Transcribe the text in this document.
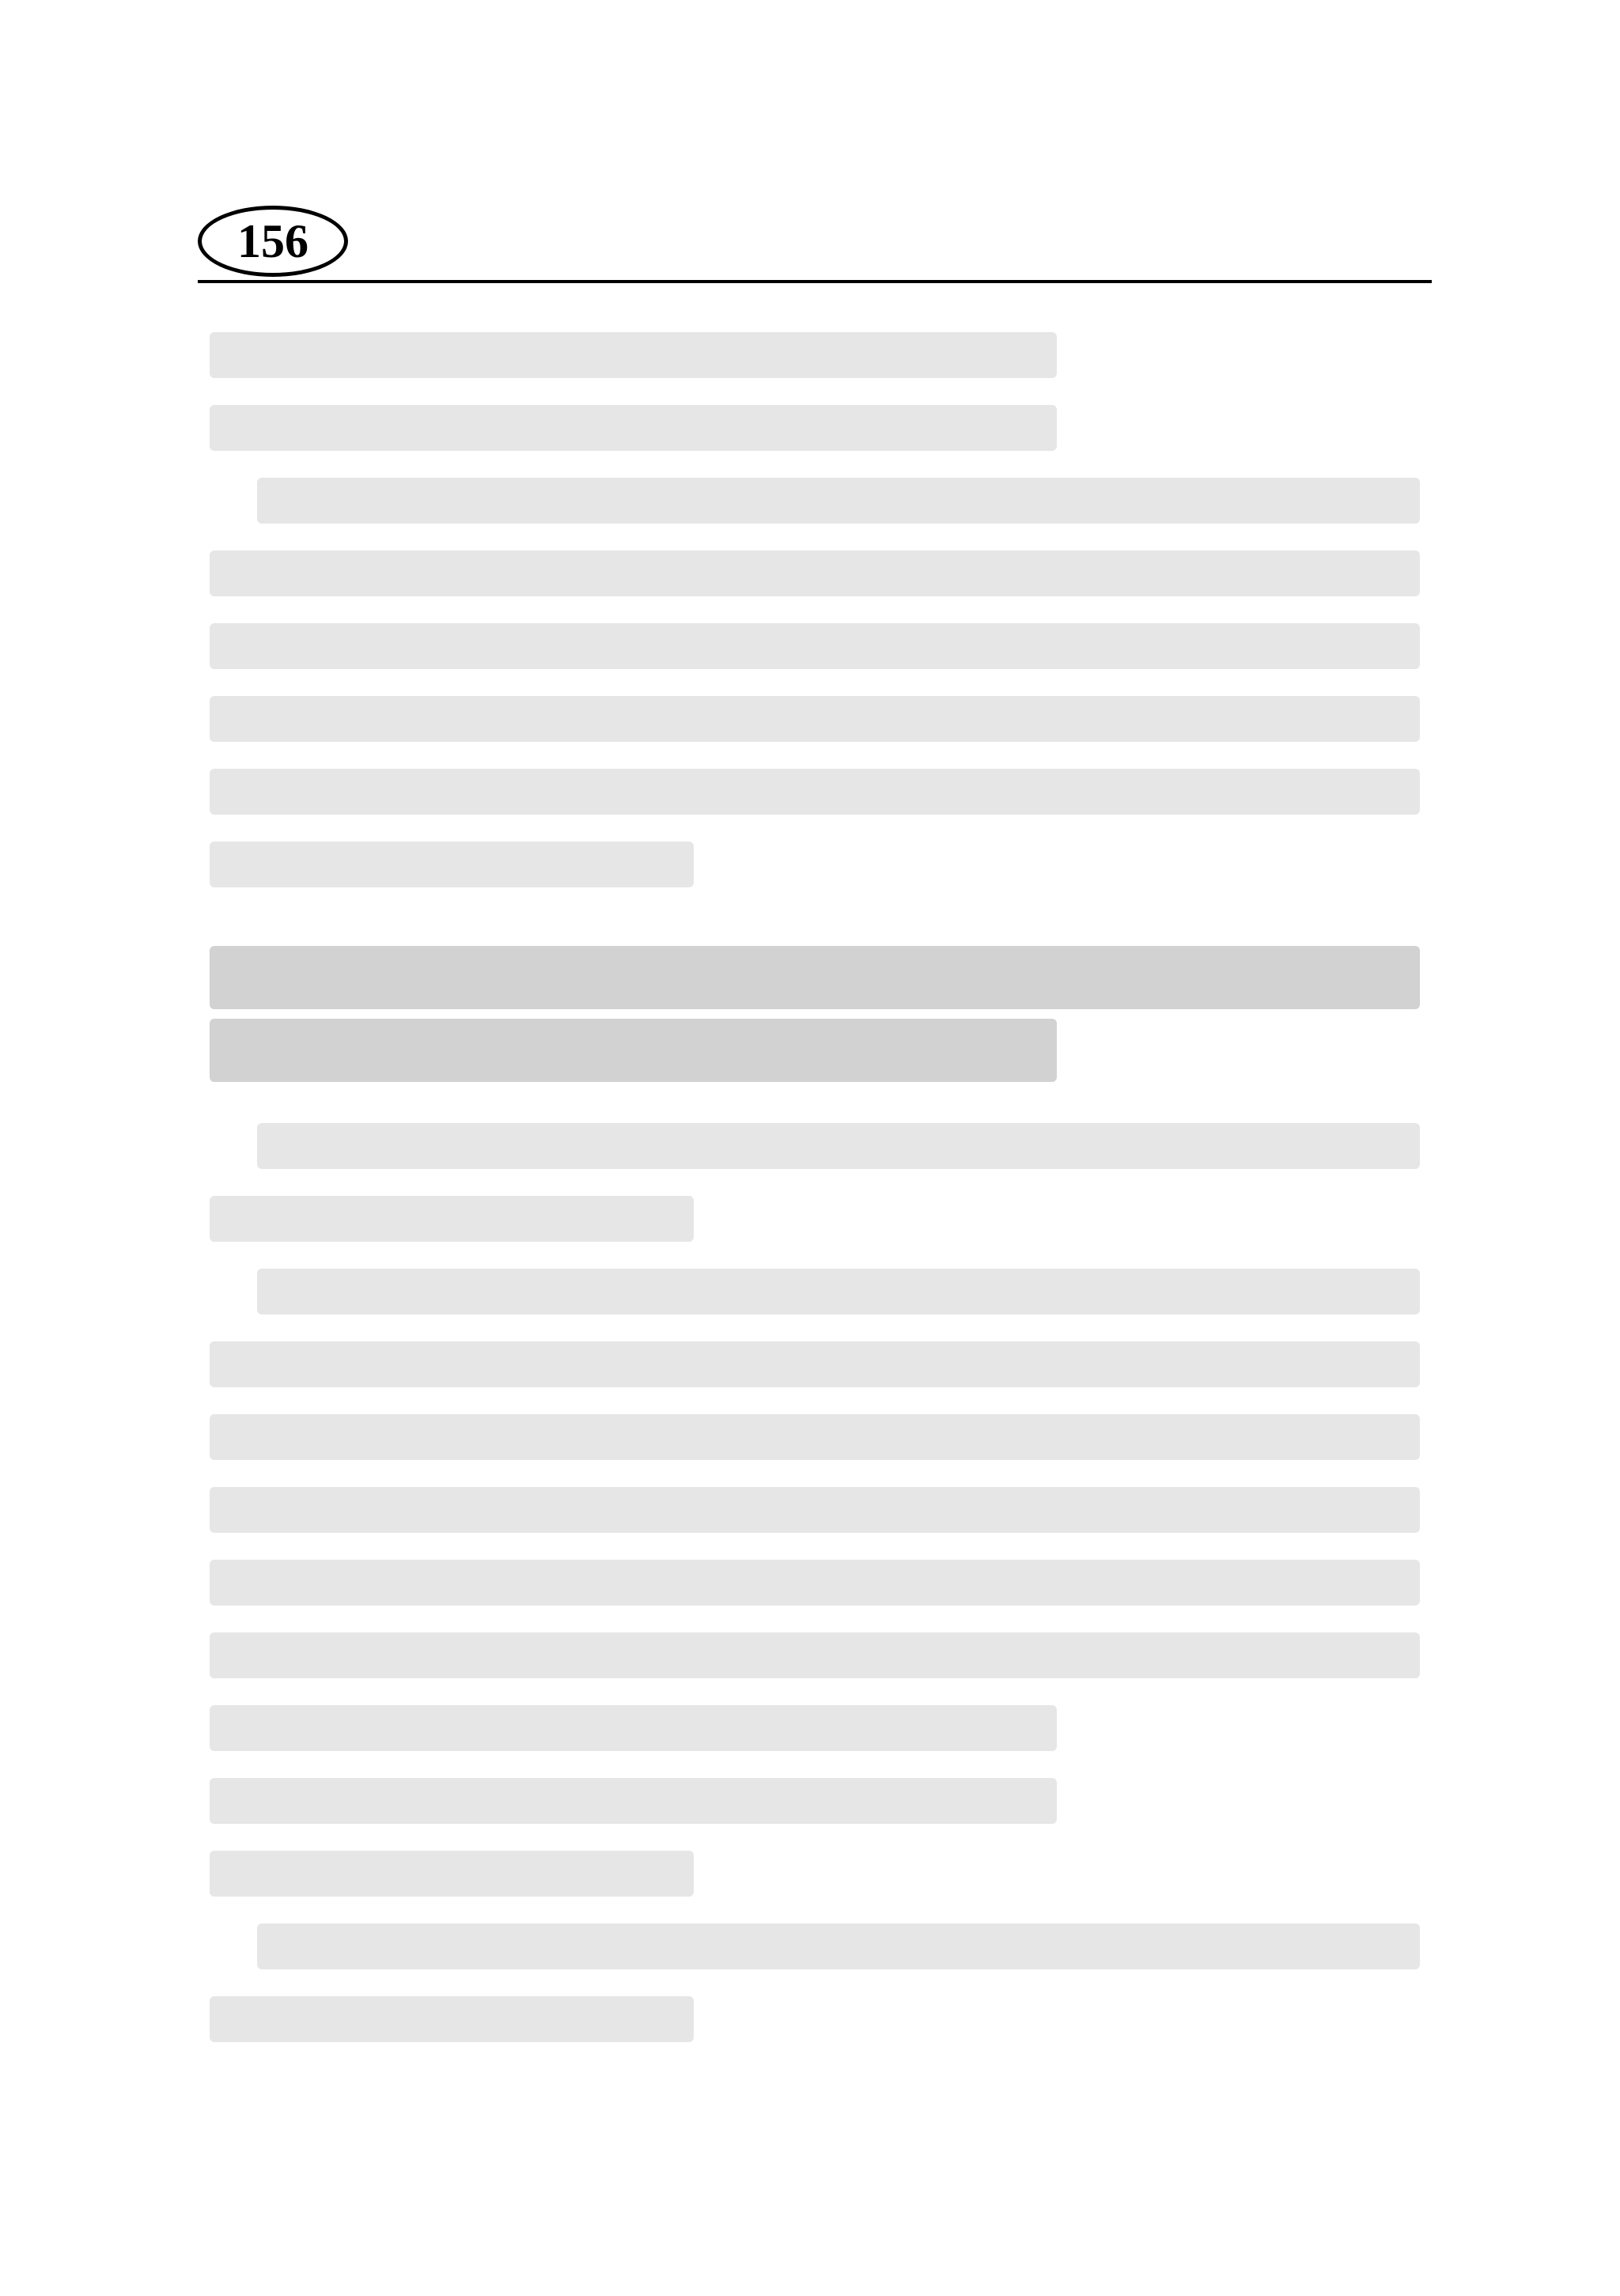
156
